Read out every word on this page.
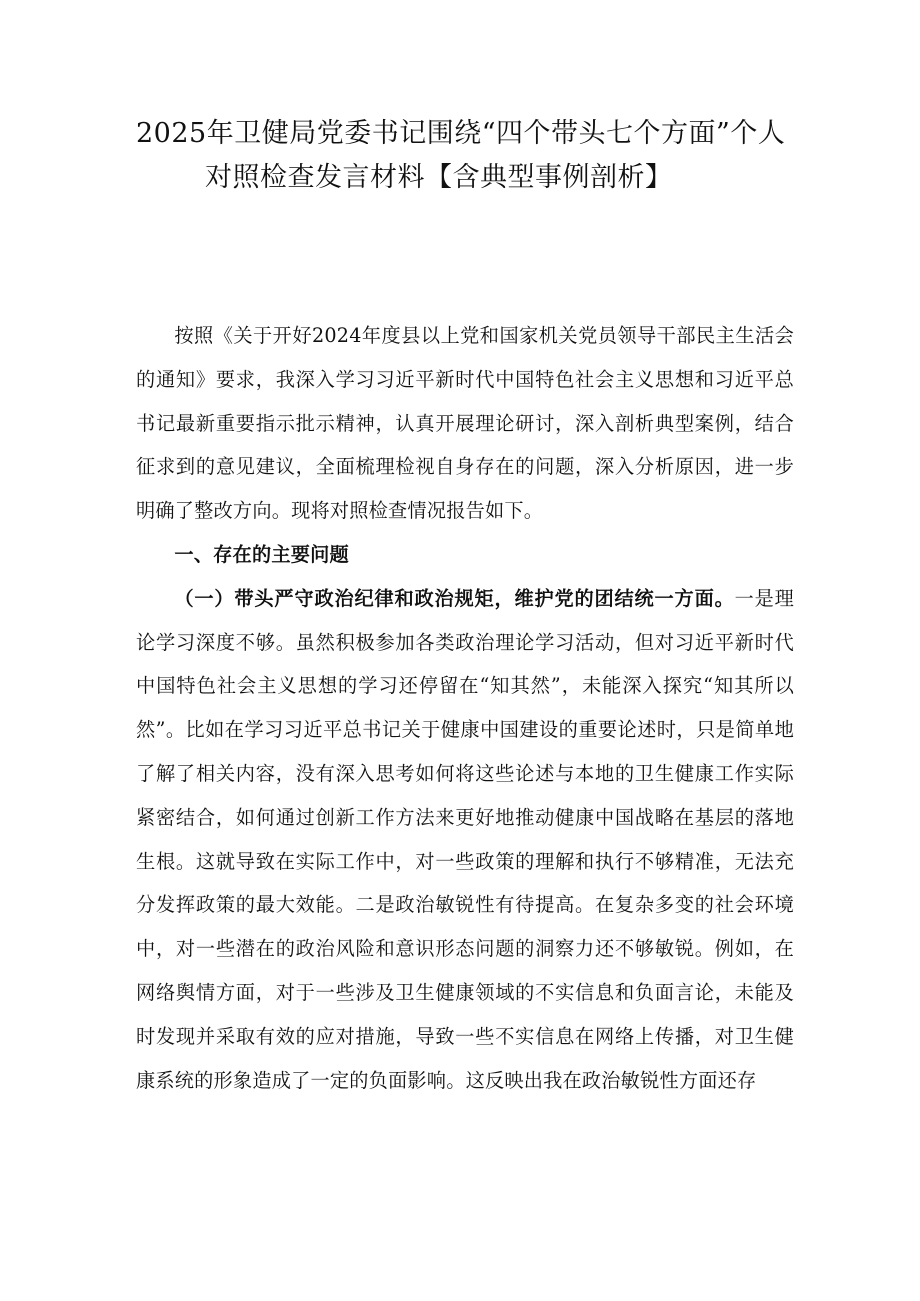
2025年卫健局党委书记围绕“四个带头七个方面”个人
对照检查发言材料【含典型事例剖析】

按照《关于开好2024年度县以上党和国家机关党员领导干部民主生活会的通知》要求，我深入学习习近平新时代中国特色社会主义思想和习近平总书记最新重要指示批示精神，认真开展理论研讨，深入剖析典型案例，结合征求到的意见建议，全面梳理检视自身存在的问题，深入分析原因，进一步明确了整改方向。现将对照检查情况报告如下。

一、存在的主要问题

（一）带头严守政治纪律和政治规矩，维护党的团结统一方面。一是理论学习深度不够。虽然积极参加各类政治理论学习活动，但对习近平新时代中国特色社会主义思想的学习还停留在“知其然”，未能深入探究“知其所以然”。比如在学习习近平总书记关于健康中国建设的重要论述时，只是简单地了解了相关内容，没有深入思考如何将这些论述与本地的卫生健康工作实际紧密结合，如何通过创新工作方法来更好地推动健康中国战略在基层的落地生根。这就导致在实际工作中，对一些政策的理解和执行不够精准，无法充分发挥政策的最大效能。二是政治敏锐性有待提高。在复杂多变的社会环境中，对一些潜在的政治风险和意识形态问题的洞察力还不够敏锐。例如，在网络舆情方面，对于一些涉及卫生健康领域的不实信息和负面言论，未能及时发现并采取有效的应对措施，导致一些不实信息在网络上传播，对卫生健康系统的形象造成了一定的负面影响。这反映出我在政治敏锐性方面还存
